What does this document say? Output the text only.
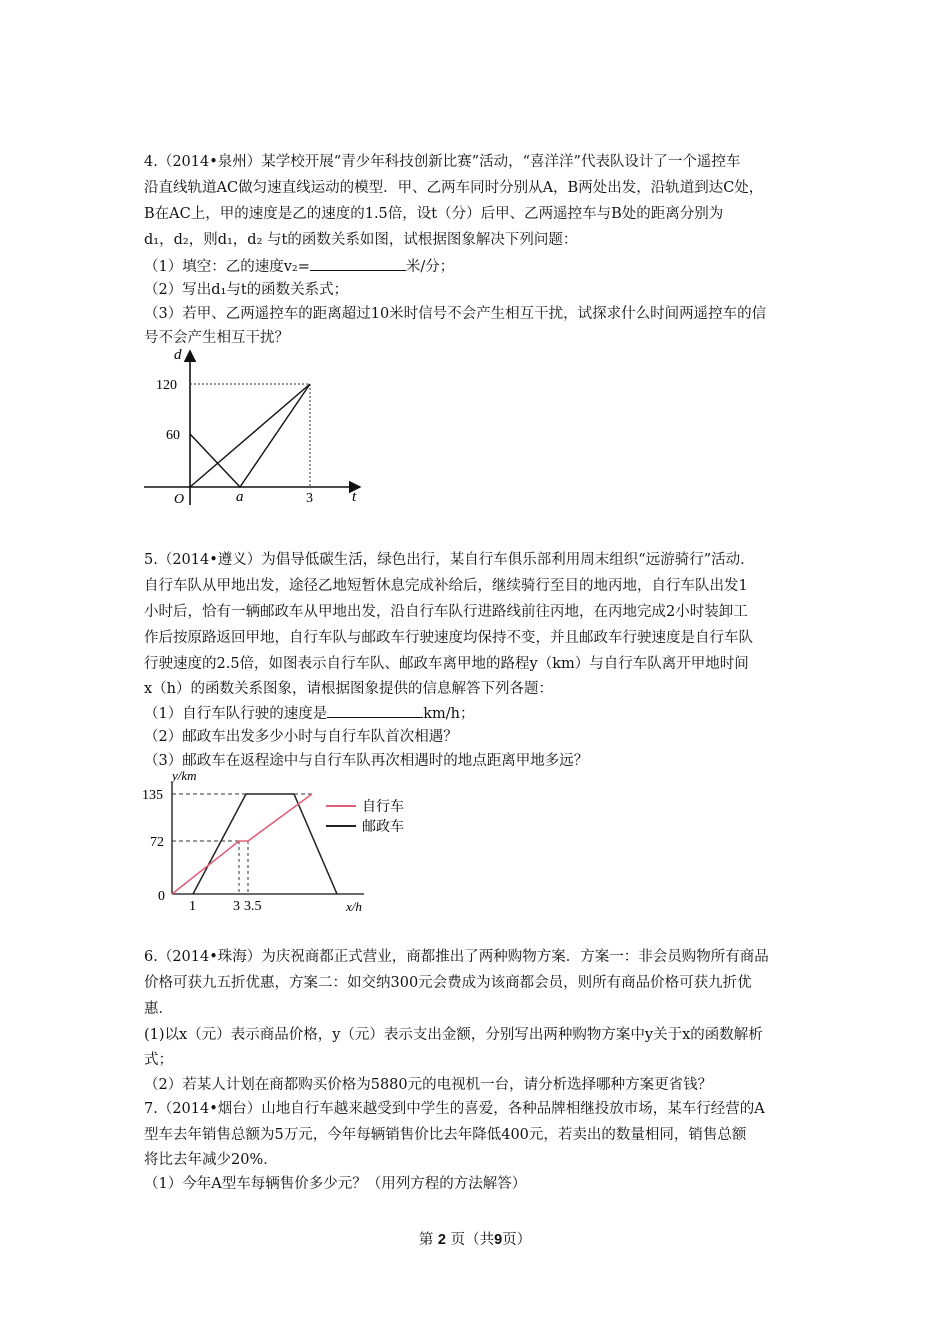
4.（2014•泉州）某学校开展“青少年科技创新比赛”活动，“喜洋洋”代表队设计了一个遥控车
沿直线轨道AC做匀速直线运动的模型．甲、乙两车同时分别从A，B两处出发，沿轨道到达C处，
B在AC上，甲的速度是乙的速度的1.5倍，设t（分）后甲、乙两遥控车与B处的距离分别为
d₁，d₂，则d₁，d₂ 与t的函数关系如图，试根据图象解决下列问题：
（1）填空：乙的速度v₂=	米/分；
（2）写出d₁与t的函数关系式；
（3）若甲、乙两遥控车的距离超过10米时信号不会产生相互干扰，试探求什么时间两遥控车的信
号不会产生相互干扰？
d
t
120
60
O	a	3
5.（2014•遵义）为倡导低碳生活，绿色出行，某自行车俱乐部利用周末组织“远游骑行”活动．
自行车队从甲地出发，途径乙地短暂休息完成补给后，继续骑行至目的地丙地，自行车队出发1
小时后，恰有一辆邮政车从甲地出发，沿自行车队行进路线前往丙地，在丙地完成2小时装卸工
作后按原路返回甲地，自行车队与邮政车行驶速度均保持不变，并且邮政车行驶速度是自行车队
行驶速度的2.5倍，如图表示自行车队、邮政车离甲地的路程y（km）与自行车队离开甲地时间
x（h）的函数关系图象，请根据图象提供的信息解答下列各题：
（1）自行车队行驶的速度是	km/h；
（2）邮政车出发多少小时与自行车队首次相遇？
（3）邮政车在返程途中与自行车队再次相遇时的地点距离甲地多远？
自行车
邮政车
y/km
x/h
135
72
0
1	3 3.5
6.（2014•珠海）为庆祝商都正式营业，商都推出了两种购物方案．方案一：非会员购物所有商品
价格可获九五折优惠，方案二：如交纳300元会费成为该商都会员，则所有商品价格可获九折优
惠．
(1)以x（元）表示商品价格，y（元）表示支出金额，分别写出两种购物方案中y关于x的函数解析
式；
（2）若某人计划在商都购买价格为5880元的电视机一台，请分析选择哪种方案更省钱？
7.（2014•烟台）山地自行车越来越受到中学生的喜爱，各种品牌相继投放市场，某车行经营的A
型车去年销售总额为5万元，今年每辆销售价比去年降低400元，若卖出的数量相同，销售总额
将比去年减少20%．
（1）今年A型车每辆售价多少元？（用列方程的方法解答）
第 2 页（共9页）
